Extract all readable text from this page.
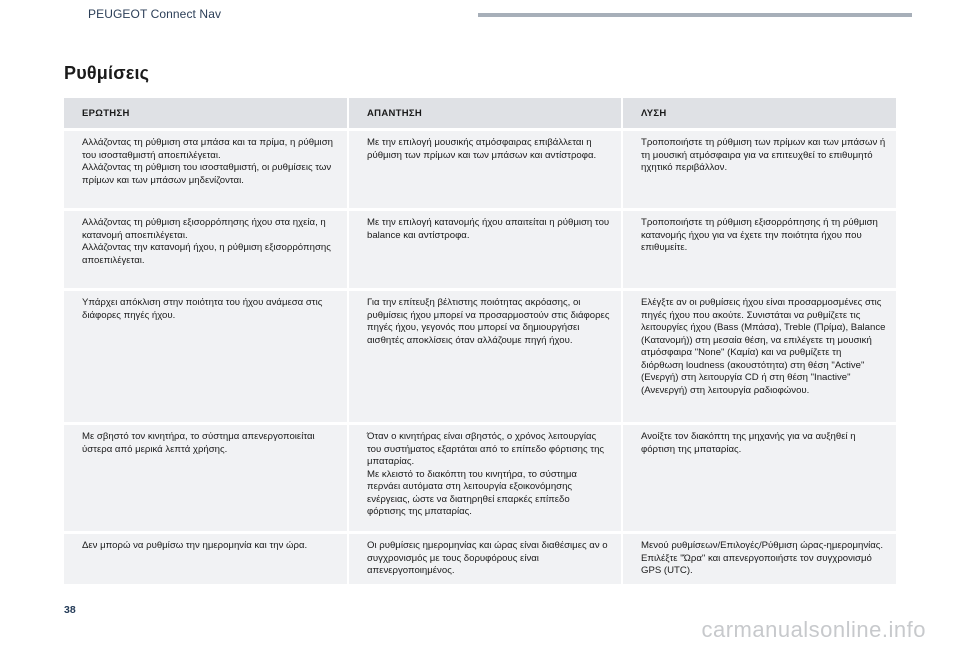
PEUGEOT Connect Nav
Ρυθμίσεις
ΕΡΩΤΗΣΗ	ΑΠΑΝΤΗΣΗ	ΛΥΣΗ

Αλλάζοντας τη ρύθμιση στα μπάσα και τα πρίμα, η ρύθμιση του ισοσταθμιστή αποεπιλέγεται.
Αλλάζοντας τη ρύθμιση του ισοσταθμιστή, οι ρυθμίσεις των πρίμων και των μπάσων μηδενίζονται.	Με την επιλογή μουσικής ατμόσφαιρας επιβάλλεται η ρύθμιση των πρίμων και των μπάσων και αντίστροφα.	Τροποποιήστε τη ρύθμιση των πρίμων και των μπάσων ή τη μουσική ατμόσφαιρα για να επιτευχθεί το επιθυμητό ηχητικό περιβάλλον.

Αλλάζοντας τη ρύθμιση εξισορρόπησης ήχου στα ηχεία, η κατανομή αποεπιλέγεται.
Αλλάζοντας την κατανομή ήχου, η ρύθμιση εξισορρόπησης αποεπιλέγεται.	Με την επιλογή κατανομής ήχου απαιτείται η ρύθμιση του balance και αντίστροφα.	Τροποποιήστε τη ρύθμιση εξισορρόπησης ή τη ρύθμιση κατανομής ήχου για να έχετε την ποιότητα ήχου που επιθυμείτε.

Υπάρχει απόκλιση στην ποιότητα του ήχου ανάμεσα στις διάφορες πηγές ήχου.	Για την επίτευξη βέλτιστης ποιότητας ακρόασης, οι ρυθμίσεις ήχου μπορεί να προσαρμοστούν στις διάφορες πηγές ήχου, γεγονός που μπορεί να δημιουργήσει αισθητές αποκλίσεις όταν αλλάζουμε πηγή ήχου.	Ελέγξτε αν οι ρυθμίσεις ήχου είναι προσαρμοσμένες στις πηγές ήχου που ακούτε. Συνιστάται να ρυθμίζετε τις λειτουργίες ήχου (Bass (Μπάσα), Treble (Πρίμα), Balance (Κατανομή)) στη μεσαία θέση, να επιλέγετε τη μουσική ατμόσφαιρα "None" (Καμία) και να ρυθμίζετε τη διόρθωση loudness (ακουστότητα) στη θέση "Active" (Ενεργή) στη λειτουργία CD ή στη θέση "Inactive" (Ανενεργή) στη λειτουργία ραδιοφώνου.

Με σβηστό τον κινητήρα, το σύστημα απενεργοποιείται ύστερα από μερικά λεπτά χρήσης.	Όταν ο κινητήρας είναι σβηστός, ο χρόνος λειτουργίας του συστήματος εξαρτάται από το επίπεδο φόρτισης της μπαταρίας.
Με κλειστό το διακόπτη του κινητήρα, το σύστημα περνάει αυτόματα στη λειτουργία εξοικονόμησης ενέργειας, ώστε να διατηρηθεί επαρκές επίπεδο φόρτισης της μπαταρίας.	Ανοίξτε τον διακόπτη της μηχανής για να αυξηθεί η φόρτιση της μπαταρίας.

Δεν μπορώ να ρυθμίσω την ημερομηνία και την ώρα.	Οι ρυθμίσεις ημερομηνίας και ώρας είναι διαθέσιμες αν ο συγχρονισμός με τους δορυφόρους είναι απενεργοποιημένος.	Μενού ρυθμίσεων/Επιλογές/Ρύθμιση ώρας-ημερομηνίας. Επιλέξτε "Ώρα" και απενεργοποιήστε τον συγχρονισμό GPS (UTC).
38
carmanualsonline.info
